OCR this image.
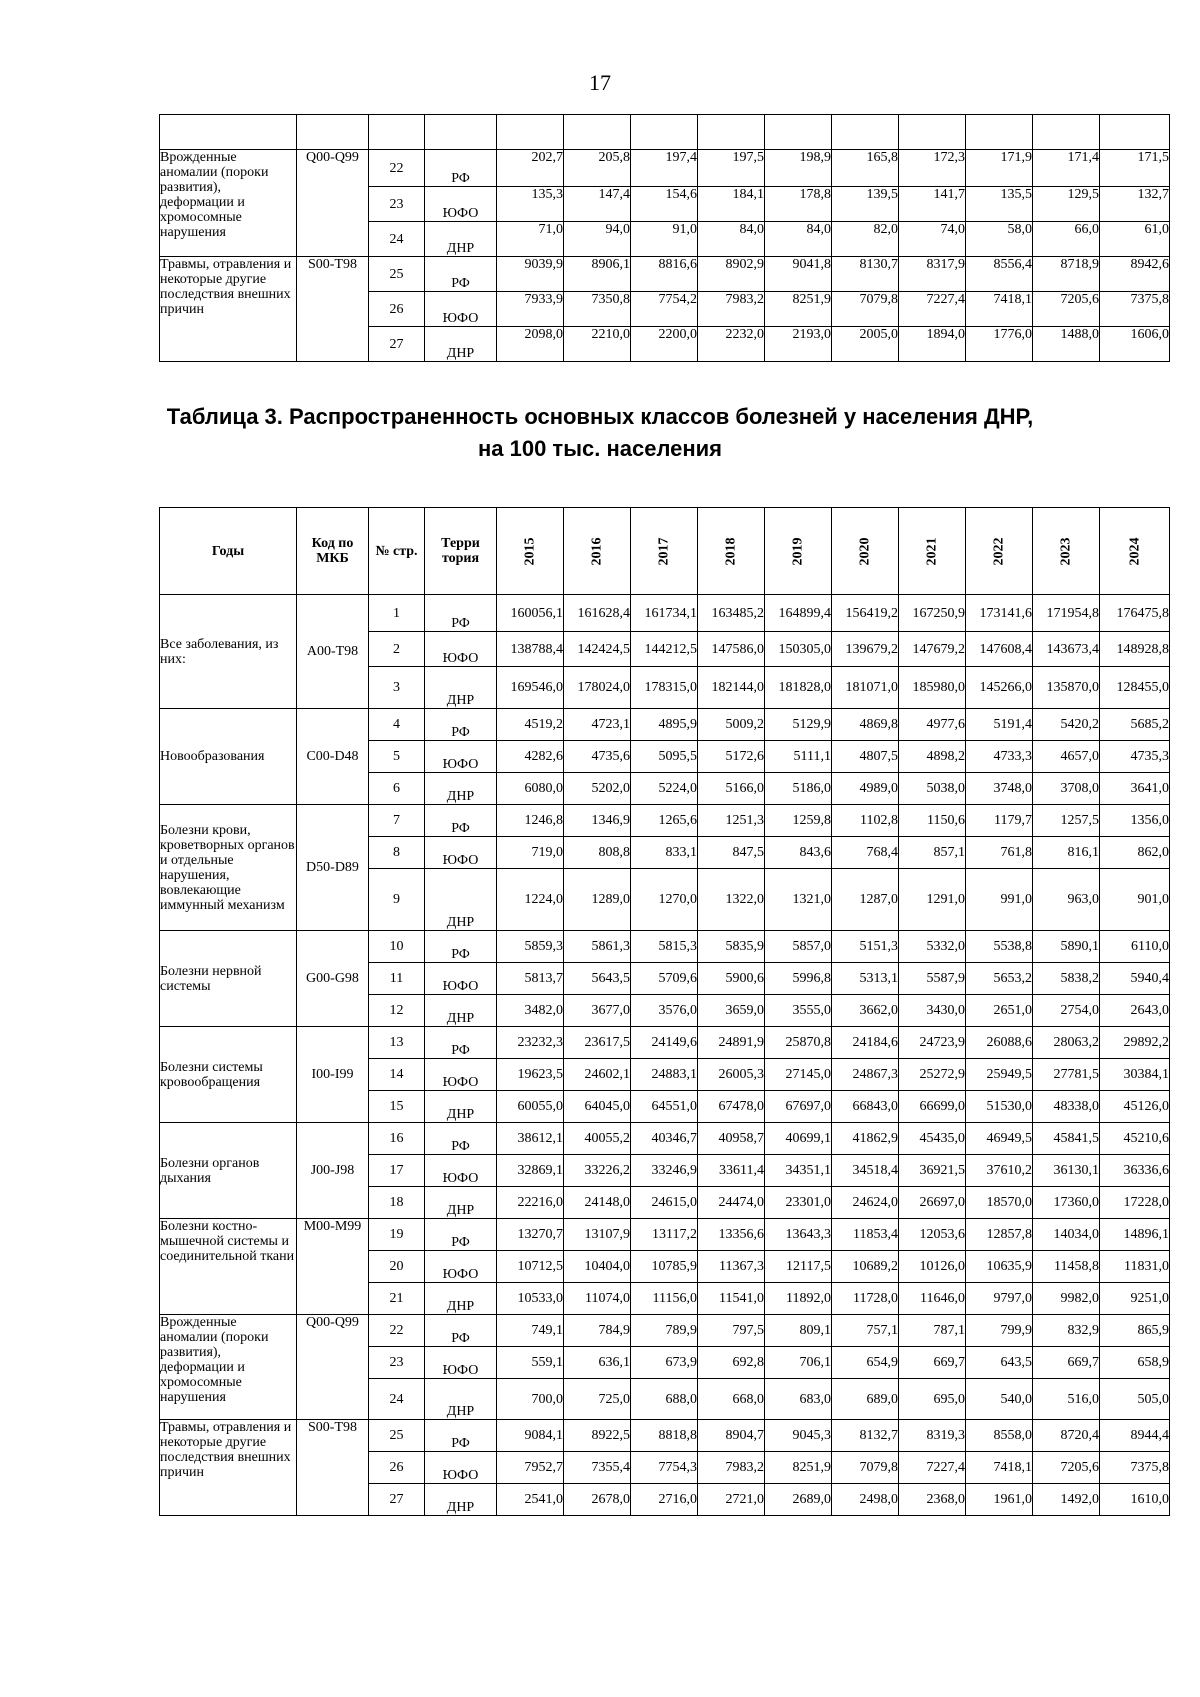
17

Врожденные аномалии (пороки развития), деформации и хромосомные нарушения	Q00-Q99	22	РФ	202,7	205,8	197,4	197,5	198,9	165,8	172,3	171,9	171,4	171,5
		23	ЮФО	135,3	147,4	154,6	184,1	178,8	139,5	141,7	135,5	129,5	132,7
		24	ДНР	71,0	94,0	91,0	84,0	84,0	82,0	74,0	58,0	66,0	61,0
Травмы, отравления и некоторые другие последствия внешних причин	S00-T98	25	РФ	9039,9	8906,1	8816,6	8902,9	9041,8	8130,7	8317,9	8556,4	8718,9	8942,6
		26	ЮФО	7933,9	7350,8	7754,2	7983,2	8251,9	7079,8	7227,4	7418,1	7205,6	7375,8
		27	ДНР	2098,0	2210,0	2200,0	2232,0	2193,0	2005,0	1894,0	1776,0	1488,0	1606,0
Таблица 3. Распространенность основных классов болезней у населения ДНР,
на 100 тыс. населения
Годы	Код по МКБ	№ стр.	Терри тория	2015	2016	2017	2018	2019	2020	2021	2022	2023	2024
Все заболевания, из них:	A00-T98	1	РФ	160056,1	161628,4	161734,1	163485,2	164899,4	156419,2	167250,9	173141,6	171954,8	176475,8
		2	ЮФО	138788,4	142424,5	144212,5	147586,0	150305,0	139679,2	147679,2	147608,4	143673,4	148928,8
		3	ДНР	169546,0	178024,0	178315,0	182144,0	181828,0	181071,0	185980,0	145266,0	135870,0	128455,0
Новообразования	C00-D48	4	РФ	4519,2	4723,1	4895,9	5009,2	5129,9	4869,8	4977,6	5191,4	5420,2	5685,2
		5	ЮФО	4282,6	4735,6	5095,5	5172,6	5111,1	4807,5	4898,2	4733,3	4657,0	4735,3
		6	ДНР	6080,0	5202,0	5224,0	5166,0	5186,0	4989,0	5038,0	3748,0	3708,0	3641,0
Болезни крови, кроветворных органов и отдельные нарушения, вовлекающие иммунный механизм	D50-D89	7	РФ	1246,8	1346,9	1265,6	1251,3	1259,8	1102,8	1150,6	1179,7	1257,5	1356,0
		8	ЮФО	719,0	808,8	833,1	847,5	843,6	768,4	857,1	761,8	816,1	862,0
		9	ДНР	1224,0	1289,0	1270,0	1322,0	1321,0	1287,0	1291,0	991,0	963,0	901,0
Болезни нервной системы	G00-G98	10	РФ	5859,3	5861,3	5815,3	5835,9	5857,0	5151,3	5332,0	5538,8	5890,1	6110,0
		11	ЮФО	5813,7	5643,5	5709,6	5900,6	5996,8	5313,1	5587,9	5653,2	5838,2	5940,4
		12	ДНР	3482,0	3677,0	3576,0	3659,0	3555,0	3662,0	3430,0	2651,0	2754,0	2643,0
Болезни системы кровообращения	I00-I99	13	РФ	23232,3	23617,5	24149,6	24891,9	25870,8	24184,6	24723,9	26088,6	28063,2	29892,2
		14	ЮФО	19623,5	24602,1	24883,1	26005,3	27145,0	24867,3	25272,9	25949,5	27781,5	30384,1
		15	ДНР	60055,0	64045,0	64551,0	67478,0	67697,0	66843,0	66699,0	51530,0	48338,0	45126,0
Болезни органов дыхания	J00-J98	16	РФ	38612,1	40055,2	40346,7	40958,7	40699,1	41862,9	45435,0	46949,5	45841,5	45210,6
		17	ЮФО	32869,1	33226,2	33246,9	33611,4	34351,1	34518,4	36921,5	37610,2	36130,1	36336,6
		18	ДНР	22216,0	24148,0	24615,0	24474,0	23301,0	24624,0	26697,0	18570,0	17360,0	17228,0
Болезни костно-мышечной системы и соединительной ткани	M00-M99	19	РФ	13270,7	13107,9	13117,2	13356,6	13643,3	11853,4	12053,6	12857,8	14034,0	14896,1
		20	ЮФО	10712,5	10404,0	10785,9	11367,3	12117,5	10689,2	10126,0	10635,9	11458,8	11831,0
		21	ДНР	10533,0	11074,0	11156,0	11541,0	11892,0	11728,0	11646,0	9797,0	9982,0	9251,0
Врожденные аномалии (пороки развития), деформации и хромосомные нарушения	Q00-Q99	22	РФ	749,1	784,9	789,9	797,5	809,1	757,1	787,1	799,9	832,9	865,9
		23	ЮФО	559,1	636,1	673,9	692,8	706,1	654,9	669,7	643,5	669,7	658,9
		24	ДНР	700,0	725,0	688,0	668,0	683,0	689,0	695,0	540,0	516,0	505,0
Травмы, отравления и некоторые другие последствия внешних причин	S00-T98	25	РФ	9084,1	8922,5	8818,8	8904,7	9045,3	8132,7	8319,3	8558,0	8720,4	8944,4
		26	ЮФО	7952,7	7355,4	7754,3	7983,2	8251,9	7079,8	7227,4	7418,1	7205,6	7375,8
		27	ДНР	2541,0	2678,0	2716,0	2721,0	2689,0	2498,0	2368,0	1961,0	1492,0	1610,0
